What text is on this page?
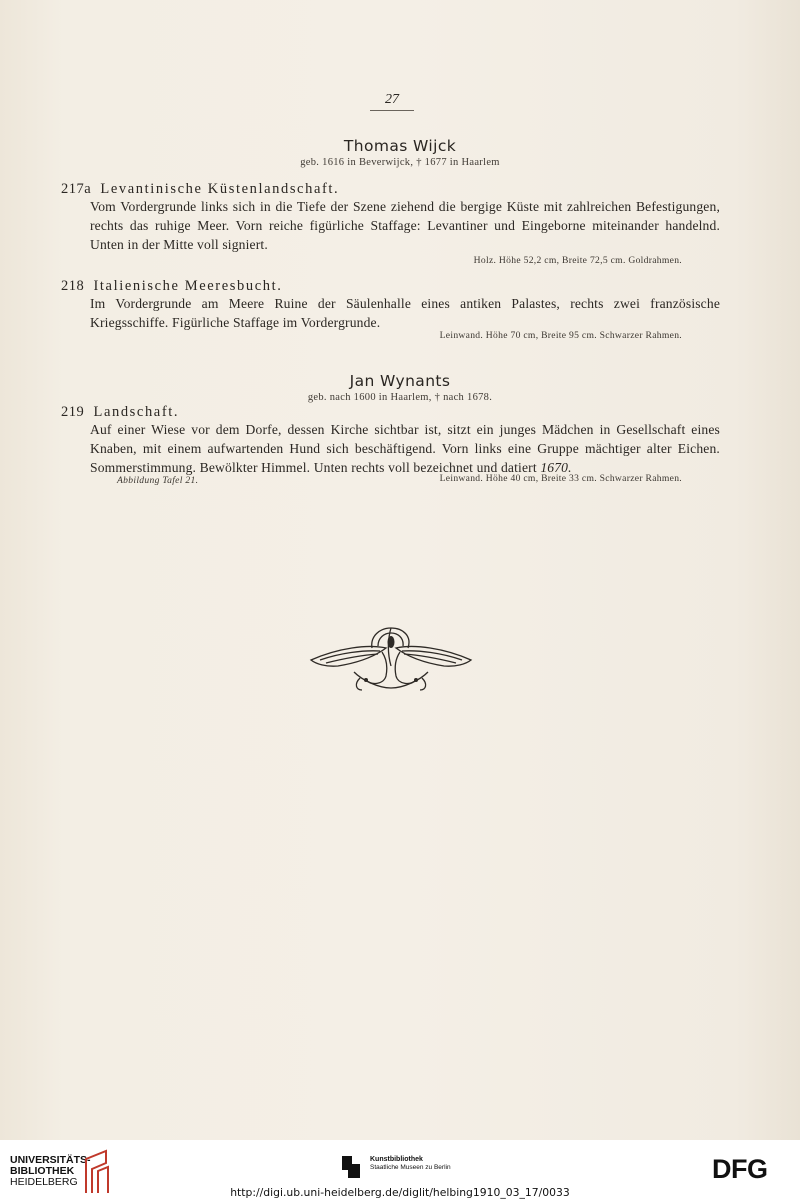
27
Thomas Wijck
geb. 1616 in Beverwijck, † 1677 in Haarlem
217a Levantinische Küstenlandschaft.
Vom Vordergrunde links sich in die Tiefe der Szene ziehend die bergige Küste mit zahlreichen Befestigungen, rechts das ruhige Meer. Vorn reiche figürliche Staffage: Levantiner und Eingeborne miteinander handelnd. Unten in der Mitte voll signiert.
Holz. Höhe 52,2 cm, Breite 72,5 cm. Goldrahmen.
218 Italienische Meeresbucht.
Im Vordergrunde am Meere Ruine der Säulenhalle eines antiken Palastes, rechts zwei französische Kriegsschiffe. Figürliche Staffage im Vordergrunde.
Leinwand. Höhe 70 cm, Breite 95 cm. Schwarzer Rahmen.
Jan Wynants
geb. nach 1600 in Haarlem, † nach 1678.
219 Landschaft.
Auf einer Wiese vor dem Dorfe, dessen Kirche sichtbar ist, sitzt ein junges Mädchen in Gesellschaft eines Knaben, mit einem aufwartenden Hund sich beschäftigend. Vorn links eine Gruppe mächtiger alter Eichen. Sommerstimmung. Bewölkter Himmel. Unten rechts voll bezeichnet und datiert 1670.
Abbildung Tafel 21.	Leinwand. Höhe 40 cm, Breite 33 cm. Schwarzer Rahmen.
UNIVERSITÄTS-
BIBLIOTHEK
HEIDELBERG
Kunstbibliothek
Staatliche Museen zu Berlin	DFG
http://digi.ub.uni-heidelberg.de/diglit/helbing1910_03_17/0033
